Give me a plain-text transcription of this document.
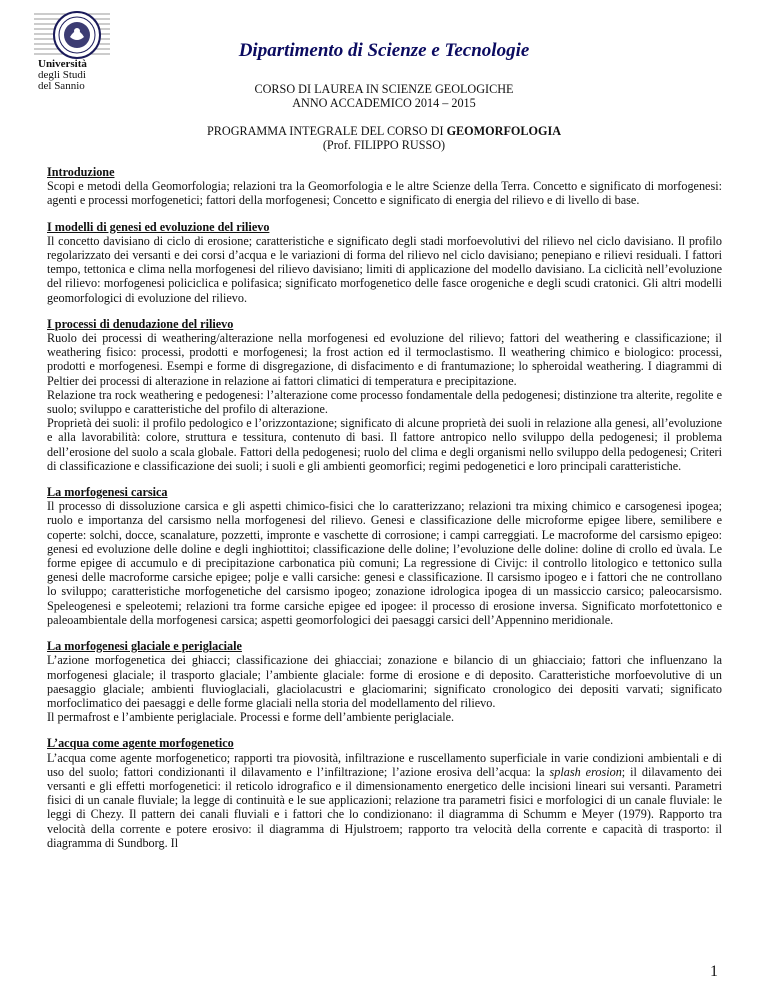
Università
degli Studi
del Sannio
Dipartimento di Scienze e Tecnologie
CORSO DI LAUREA IN SCIENZE GEOLOGICHE
ANNO ACCADEMICO 2014 – 2015
PROGRAMMA INTEGRALE DEL CORSO DI GEOMORFOLOGIA
(Prof. FILIPPO RUSSO)
Introduzione

Scopi e metodi della Geomorfologia; relazioni tra la Geomorfologia e le altre Scienze della Terra. Concetto e significato di morfogenesi: agenti e processi morfogenetici; fattori della morfogenesi; Concetto e significato di energia del rilievo e di livello di base.

I modelli di genesi ed evoluzione del rilievo

Il concetto davisiano di ciclo di erosione; caratteristiche e significato degli stadi morfoevolutivi del rilievo nel ciclo davisiano. Il profilo regolarizzato dei versanti e dei corsi d’acqua e le variazioni di forma del rilievo nel ciclo davisiano; penepiano e rilievi residuali. I fattori tempo, tettonica e clima nella morfogenesi del rilievo davisiano; limiti di applicazione del modello davisiano. La ciclicità nell’evoluzione del rilievo: morfogenesi policiclica e polifasica; significato morfogenetico delle fasce orogeniche e degli scudi cratonici. Gli altri modelli geomorfologici di evoluzione del rilievo.

I processi di denudazione del rilievo

Ruolo dei processi di weathering/alterazione nella morfogenesi ed evoluzione del rilievo; fattori del weathering e classificazione; il weathering fisico: processi, prodotti e morfogenesi; la frost action ed il termoclastismo. Il weathering chimico e biologico: processi, prodotti e morfogenesi. Esempi e forme di disgregazione, di disfacimento e di frantumazione; lo spheroidal weathering. I diagrammi di Peltier dei processi di alterazione in relazione ai fattori climatici di temperatura e precipitazione.

Relazione tra rock weathering e pedogenesi: l’alterazione come processo fondamentale della pedogenesi; distinzione tra alterite, regolite e suolo; sviluppo e caratteristiche del profilo di alterazione.

Proprietà dei suoli: il profilo pedologico e l’orizzontazione; significato di alcune proprietà dei suoli in relazione alla genesi, all’evoluzione e alla lavorabilità: colore, struttura e tessitura, contenuto di basi. Il fattore antropico nello sviluppo della pedogenesi; il problema dell’erosione del suolo a scala globale. Fattori della pedogenesi; ruolo del clima e degli organismi nello sviluppo della pedogenesi; Criteri di classificazione e classificazione dei suoli; i suoli e gli ambienti geomorfici; regimi pedogenetici e loro principali caratteristiche.

La morfogenesi carsica

Il processo di dissoluzione carsica e gli aspetti chimico-fisici che lo caratterizzano; relazioni tra mixing chimico e carsogenesi ipogea; ruolo e importanza del carsismo nella morfogenesi del rilievo. Genesi e classificazione delle microforme epigee libere, semilibere e coperte: solchi, docce, scanalature, pozzetti, impronte e vaschette di corrosione; i campi carreggiati. Le macroforme del carsismo epigeo: genesi ed evoluzione delle doline e degli inghiottitoi; classificazione delle doline; l’evoluzione delle doline: doline di crollo ed ùvala. Le forme epigee di accumulo e di precipitazione carbonatica più comuni; La regressione di Civijc: il controllo litologico e tettonico sulla genesi delle macroforme carsiche epigee; polje e valli carsiche: genesi e classificazione. Il carsismo ipogeo e i fattori che ne controllano lo sviluppo; caratteristiche morfogenetiche del carsismo ipogeo; zonazione idrologica ipogea di un massiccio carsico; paleocarsismo. Speleogenesi e speleotemi; relazioni tra forme carsiche epigee ed ipogee: il processo di erosione inversa. Significato morfotettonico e paleoambientale della morfogenesi carsica; aspetti geomorfologici dei paesaggi carsici dell’Appennino meridionale.

La morfogenesi glaciale e periglaciale

L’azione morfogenetica dei ghiacci; classificazione dei ghiacciai; zonazione e bilancio di un ghiacciaio; fattori che influenzano la morfogenesi glaciale; il trasporto glaciale; l’ambiente glaciale: forme di erosione e di deposito. Caratteristiche morfoevolutive di un paesaggio glaciale; ambienti fluvioglaciali, glaciolacustri e glaciomarini; significato cronologico dei depositi varvati; significato morfoclimatico dei paesaggi e delle forme glaciali nella storia del modellamento del rilievo.

Il permafrost e l’ambiente periglaciale. Processi e forme dell’ambiente periglaciale.

L’acqua come agente morfogenetico

L’acqua come agente morfogenetico; rapporti tra piovosità, infiltrazione e ruscellamento superficiale in varie condizioni ambientali e di uso del suolo; fattori condizionanti il dilavamento e l’infiltrazione; l’azione erosiva dell’acqua: la splash erosion; il dilavamento dei versanti e gli effetti morfogenetici: il reticolo idrografico e il dimensionamento energetico delle incisioni lineari sui versanti. Parametri fisici di un canale fluviale; la legge di continuità e le sue applicazioni; relazione tra parametri fisici e morfologici di un canale fluviale: le leggi di Chezy. Il pattern dei canali fluviali e i fattori che lo condizionano: il diagramma di Schumm e Meyer (1979). Rapporto tra velocità della corrente e potere erosivo: il diagramma di Hjulstroem; rapporto tra velocità della corrente e capacità di trasporto: il diagramma di Sundborg. Il

1
